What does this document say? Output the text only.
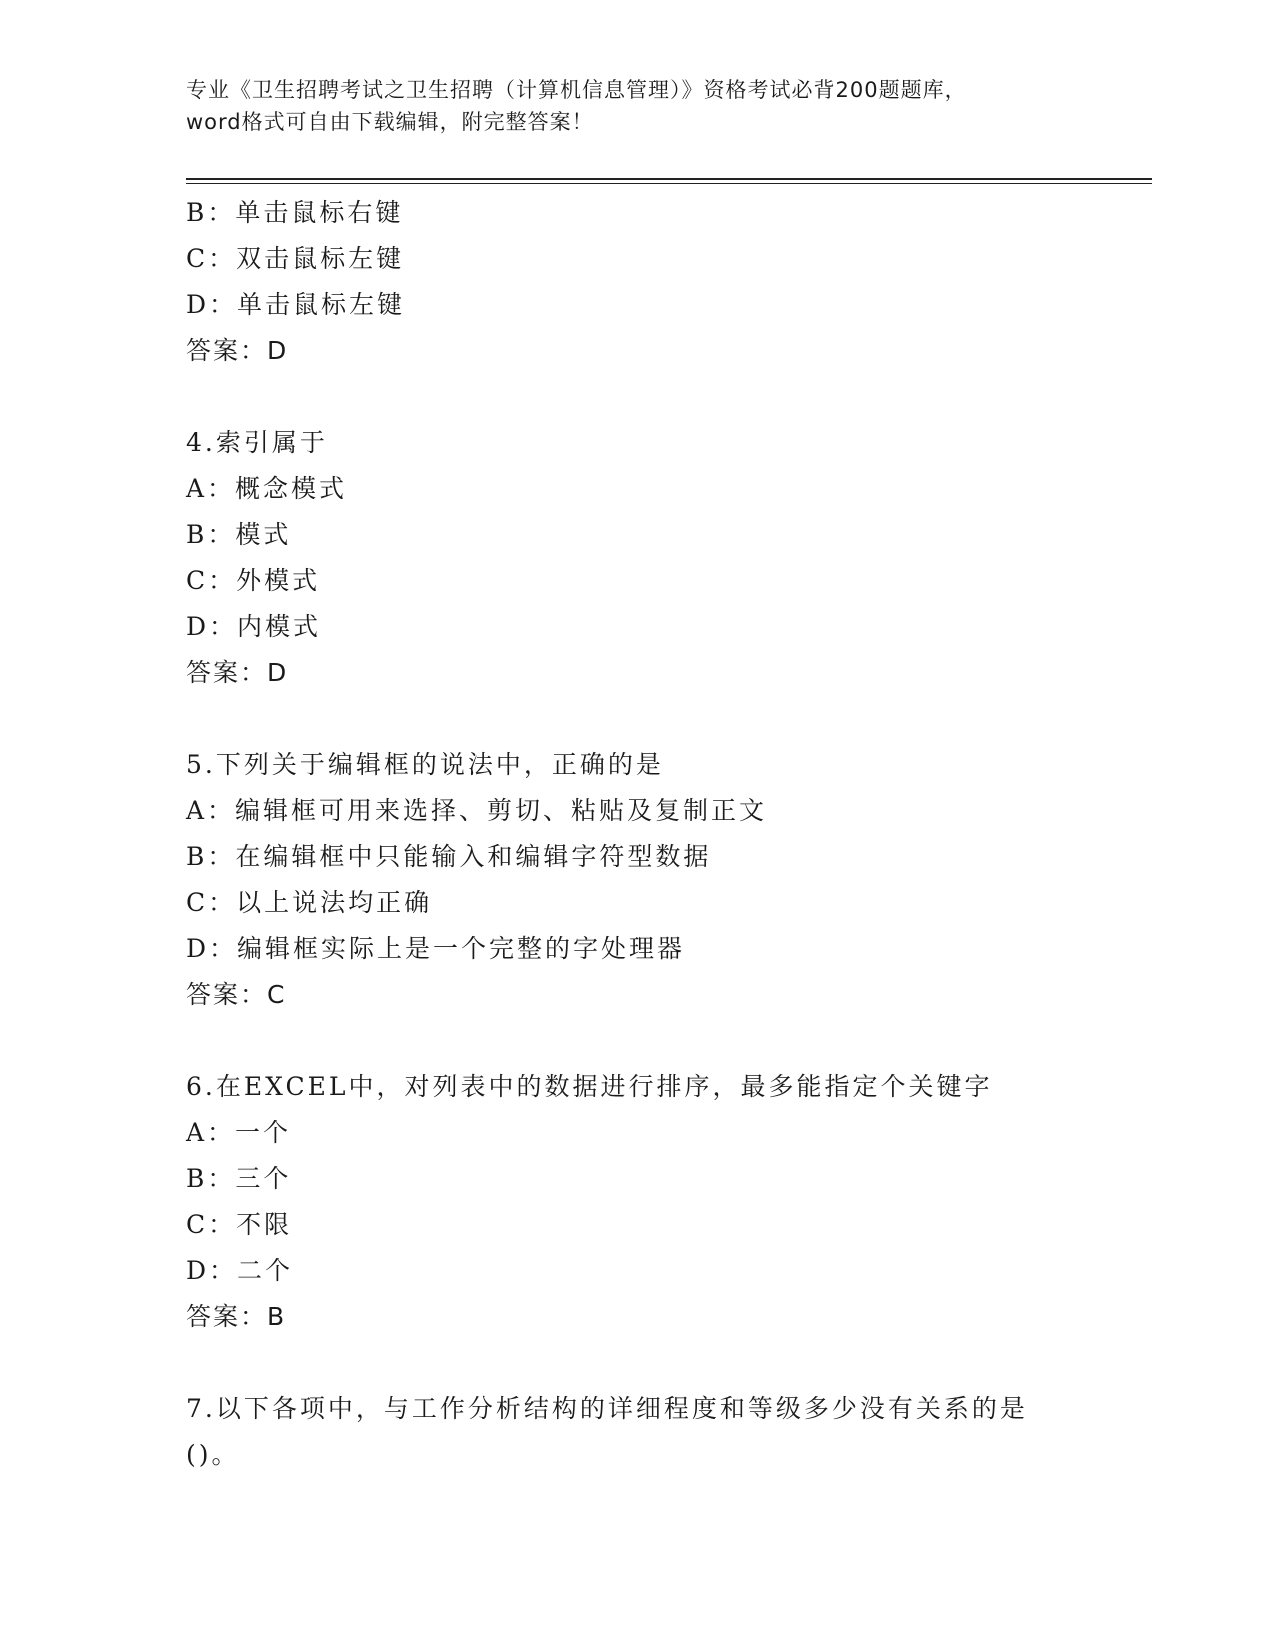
专业《卫生招聘考试之卫生招聘（计算机信息管理）》资格考试必背200题题库，
word格式可自由下载编辑，附完整答案！
B：单击鼠标右键
C：双击鼠标左键
D：单击鼠标左键
答案：D
4.索引属于
A：概念模式
B：模式
C：外模式
D：内模式
答案：D
5.下列关于编辑框的说法中，正确的是
A：编辑框可用来选择、剪切、粘贴及复制正文
B：在编辑框中只能输入和编辑字符型数据
C：以上说法均正确
D：编辑框实际上是一个完整的字处理器
答案：C
6.在EXCEL中，对列表中的数据进行排序，最多能指定个关键字
A：一个
B：三个
C：不限
D：二个
答案：B
7.以下各项中，与工作分析结构的详细程度和等级多少没有关系的是
()。
